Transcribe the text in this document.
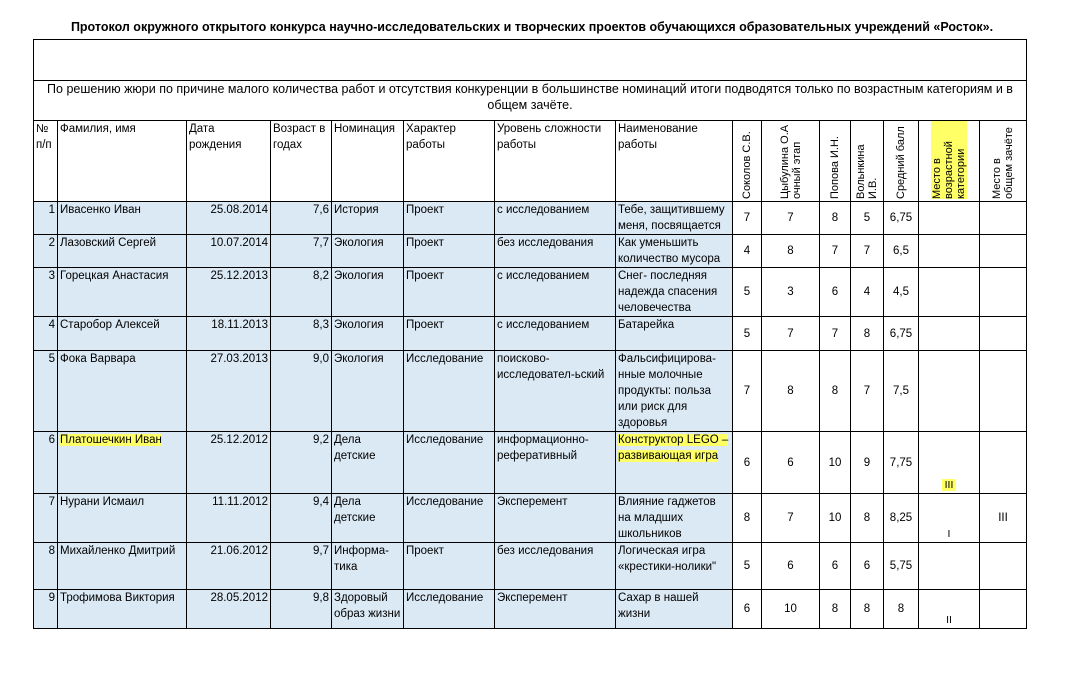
Протокол окружного открытого конкурса научно-исследовательских и творческих проектов обучающихся образовательных учреждений «Росток».

По решению жюри по причине малого количества работ и отсутствия конкуренции в большинстве номинаций итоги подводятся только по возрастным категориям и в общем зачёте.														

№ п/п	Фамилия, имя	Дата рождения	Возраст в годах	Номинация	Характер работы	Уровень сложности работы	Наименование работы	Соколов С.В.	Цыбулина О.А очный этап	Попова И.Н.	Вольнкина И.В.	Средний балл	Место в возрастной категории	Место в общем зачёте

1	Ивасенко Иван	25.08.2014	7,6	История	Проект	с исследованием	Тебе, защитившему меня, посвящается	7	7	8	5	6,75		
2	Лазовский Сергей	10.07.2014	7,7	Экология	Проект	без исследования	Как уменьшить количество мусора	4	8	7	7	6,5		
3	Горецкая Анастасия	25.12.2013	8,2	Экология	Проект	с исследованием	Снег- последняя надежда спасения человечества	5	3	6	4	4,5		
4	Старобор Алексей	18.11.2013	8,3	Экология	Проект	с исследованием	Батарейка	5	7	7	8	6,75		
5	Фока Варвара	27.03.2013	9,0	Экология	Исследование	поисково-исследовател-ьский	Фальсифицирова-нные молочные продукты: польза или риск для здоровья	7	8	8	7	7,5		
6	Платошечкин Иван	25.12.2012	9,2	Дела детские	Исследование	информационно-реферативный	Конструктор LEGO – развивающая игра	6	6	10	9	7,75	III	
7	Нурани Исмаил	11.11.2012	9,4	Дела детские	Исследование	Эксперемент	Влияние гаджетов на младших школьников	8	7	10	8	8,25	I	III
8	Михайленко Дмитрий	21.06.2012	9,7	Информа-тика	Проект	без исследования	Логическая игра «крестики-нолики"	5	6	6	6	5,75		
9	Трофимова Виктория	28.05.2012	9,8	Здоровый образ жизни	Исследование	Эксперемент	Сахар в нашей жизни	6	10	8	8	8	II	
